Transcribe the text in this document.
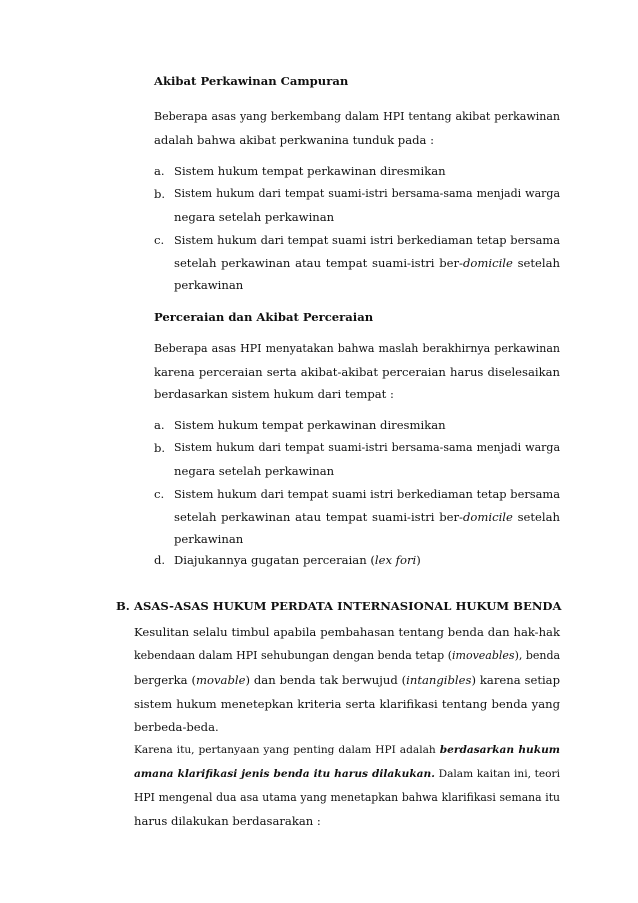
Akibat Perkawinan Campuran
Beberapa asas yang berkembang dalam HPI tentang akibat perkawinan
adalah bahwa akibat perkwanina tunduk pada :
a. Sistem hukum tempat perkawinan diresmikan
b. Sistem hukum dari tempat suami-istri bersama-sama menjadi warga
negara setelah perkawinan
c. Sistem hukum dari tempat suami istri berkediaman tetap bersama
setelah perkawinan atau tempat suami-istri ber-domicile setelah
perkawinan
Perceraian dan Akibat Perceraian
Beberapa asas HPI menyatakan bahwa maslah berakhirnya perkawinan
karena perceraian serta akibat-akibat perceraian harus diselesaikan
berdasarkan sistem hukum dari tempat :
a. Sistem hukum tempat perkawinan diresmikan
b. Sistem hukum dari tempat suami-istri bersama-sama menjadi warga
negara setelah perkawinan
c. Sistem hukum dari tempat suami istri berkediaman tetap bersama
setelah perkawinan atau tempat suami-istri ber-domicile setelah
perkawinan
d. Diajukannya gugatan perceraian (lex fori)
B. ASAS-ASAS HUKUM PERDATA INTERNASIONAL HUKUM BENDA
Kesulitan selalu timbul apabila pembahasan tentang benda dan hak-hak
kebendaan dalam HPI sehubungan dengan benda tetap (imoveables), benda
bergerka (movable) dan benda tak berwujud (intangibles) karena setiap
sistem hukum menetepkan kriteria serta klarifikasi tentang benda yang
berbeda-beda.
Karena itu, pertanyaan yang penting dalam HPI adalah berdasarkan hukum
amana klarifikasi jenis benda itu harus dilakukan. Dalam kaitan ini, teori
HPI mengenal dua asa utama yang menetapkan bahwa klarifikasi semana itu
harus dilakukan berdasarakan :
